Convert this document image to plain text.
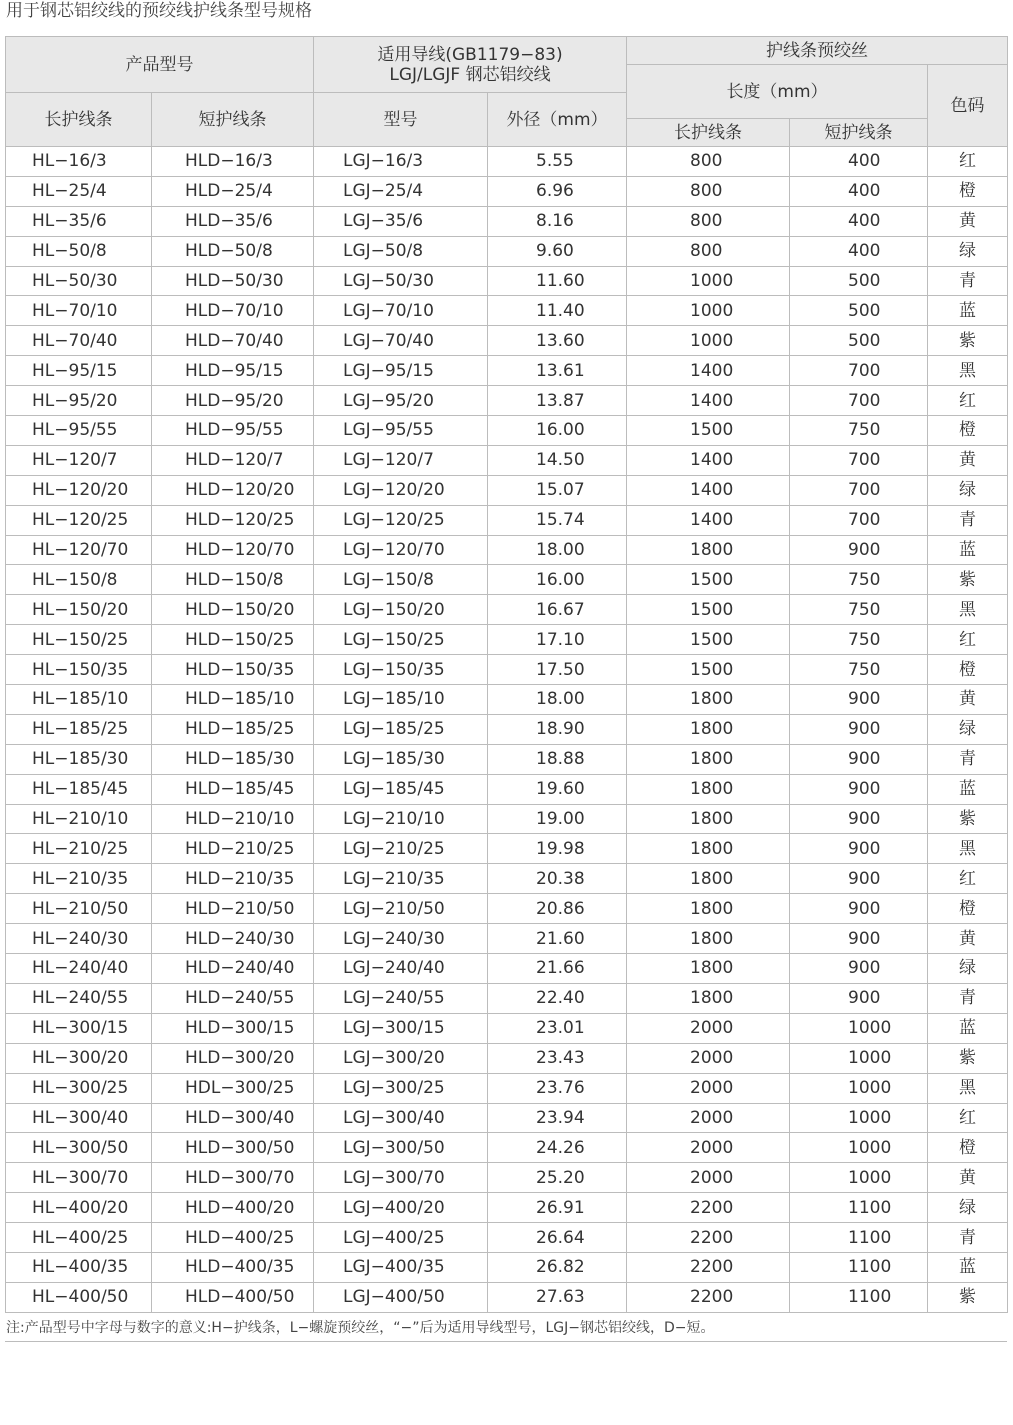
用于钢芯铝绞线的预绞线护线条型号规格
产品型号		适用导线(GB1179−83)
LGJ/LGJF 钢芯铝绞线		护线条预绞丝		
				长度（mm）		色码
长护线条	短护线条	型号	外径（mm）			
				长护线条	短护线条	
HL−16/3	HLD−16/3	LGJ−16/3	5.55	800	400	红
HL−25/4	HLD−25/4	LGJ−25/4	6.96	800	400	橙
HL−35/6	HLD−35/6	LGJ−35/6	8.16	800	400	黄
HL−50/8	HLD−50/8	LGJ−50/8	9.60	800	400	绿
HL−50/30	HLD−50/30	LGJ−50/30	11.60	1000	500	青
HL−70/10	HLD−70/10	LGJ−70/10	11.40	1000	500	蓝
HL−70/40	HLD−70/40	LGJ−70/40	13.60	1000	500	紫
HL−95/15	HLD−95/15	LGJ−95/15	13.61	1400	700	黑
HL−95/20	HLD−95/20	LGJ−95/20	13.87	1400	700	红
HL−95/55	HLD−95/55	LGJ−95/55	16.00	1500	750	橙
HL−120/7	HLD−120/7	LGJ−120/7	14.50	1400	700	黄
HL−120/20	HLD−120/20	LGJ−120/20	15.07	1400	700	绿
HL−120/25	HLD−120/25	LGJ−120/25	15.74	1400	700	青
HL−120/70	HLD−120/70	LGJ−120/70	18.00	1800	900	蓝
HL−150/8	HLD−150/8	LGJ−150/8	16.00	1500	750	紫
HL−150/20	HLD−150/20	LGJ−150/20	16.67	1500	750	黑
HL−150/25	HLD−150/25	LGJ−150/25	17.10	1500	750	红
HL−150/35	HLD−150/35	LGJ−150/35	17.50	1500	750	橙
HL−185/10	HLD−185/10	LGJ−185/10	18.00	1800	900	黄
HL−185/25	HLD−185/25	LGJ−185/25	18.90	1800	900	绿
HL−185/30	HLD−185/30	LGJ−185/30	18.88	1800	900	青
HL−185/45	HLD−185/45	LGJ−185/45	19.60	1800	900	蓝
HL−210/10	HLD−210/10	LGJ−210/10	19.00	1800	900	紫
HL−210/25	HLD−210/25	LGJ−210/25	19.98	1800	900	黑
HL−210/35	HLD−210/35	LGJ−210/35	20.38	1800	900	红
HL−210/50	HLD−210/50	LGJ−210/50	20.86	1800	900	橙
HL−240/30	HLD−240/30	LGJ−240/30	21.60	1800	900	黄
HL−240/40	HLD−240/40	LGJ−240/40	21.66	1800	900	绿
HL−240/55	HLD−240/55	LGJ−240/55	22.40	1800	900	青
HL−300/15	HLD−300/15	LGJ−300/15	23.01	2000	1000	蓝
HL−300/20	HLD−300/20	LGJ−300/20	23.43	2000	1000	紫
HL−300/25	HDL−300/25	LGJ−300/25	23.76	2000	1000	黑
HL−300/40	HLD−300/40	LGJ−300/40	23.94	2000	1000	红
HL−300/50	HLD−300/50	LGJ−300/50	24.26	2000	1000	橙
HL−300/70	HLD−300/70	LGJ−300/70	25.20	2000	1000	黄
HL−400/20	HLD−400/20	LGJ−400/20	26.91	2200	1100	绿
HL−400/25	HLD−400/25	LGJ−400/25	26.64	2200	1100	青
HL−400/35	HLD−400/35	LGJ−400/35	26.82	2200	1100	蓝
HL−400/50	HLD−400/50	LGJ−400/50	27.63	2200	1100	紫
注:产品型号中字母与数字的意义:H−护线条，L−螺旋预绞丝，“−”后为适用导线型号，LGJ−钢芯铝绞线，D−短。
